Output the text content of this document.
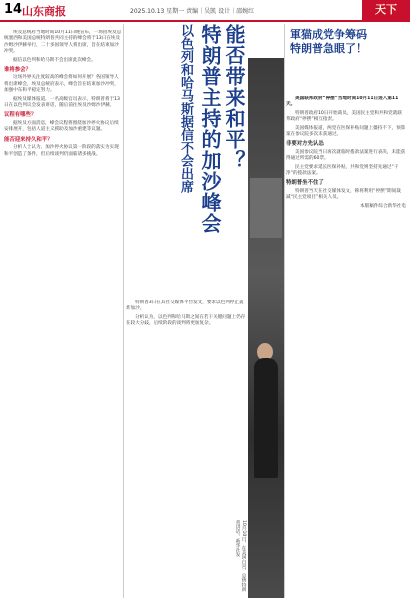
14 山东商报	2025.10.13 星期一 责编｜吴凯 设计｜邵婉红	天下

埃及总统府当地时间10月11日晚宣布，一场由埃及总统塞西和美国总统特朗普共同主持的峰会将于13日在埃及沙姆沙伊赫举行，二十多国领导人将出席，旨在结束加沙冲突。

据信以色列和哈马斯不会出席此次峰会。

谁将参会？

这场外界关注度较高的峰会将如何开展？各国领导人将出席峰会，埃及总统府表示，峰会旨在结束加沙冲突，加强中东和平稳定努力。

据埃及媒体报道，一名高级官员表示，特朗普将于13日在以色列议会发表讲话，随后前往埃及沙姆沙伊赫。

议程有哪些？

据埃及方面消息，峰会议程将围绕加沙停火协议后续安排展开，包括人道主义援助及加沙重建等议题。

能否迎来持久和平？

分析人士认为，加沙停火协议第一阶段的落实为实现和平创造了条件，但后续谈判仍面临诸多挑战。	能否带来和平？
特朗普主持的加沙峰会
以色列和哈马斯据信不会出席

特朗普3日在其社交媒体平台发文，要求以色列停止轰炸加沙。

分析认为，以色列和哈马斯之间在若干关键问题上仍存在较大分歧，后续阶段的谈判将更加复杂。

10月10日，在美国白宫，总统特朗普讲话。新华社发
軍猫成党争筹码
特朗普急眼了！

美国联邦政府“停摆”当地时间10月11日进入第11天。

特朗普政府10日开始裁员，美国民主党和共和党就联邦政府“停摆”相互指责。

美国媒体报道，两党在医保补贴问题上僵持不下，预算案在参议院多次未获通过。

非要对方先认怂

美国参议院当日再次就临时拨款法案进行表决，未能获得通过所需的60票。

民主党要求延长医保补贴，共和党则坚持先通过“干净”的拨款法案。

特朗普坐不住了

特朗普当天在社交媒体发文，称将利用“停摆”期间裁减“民主党项目”相关人员。

本版稿件综合新华社电
